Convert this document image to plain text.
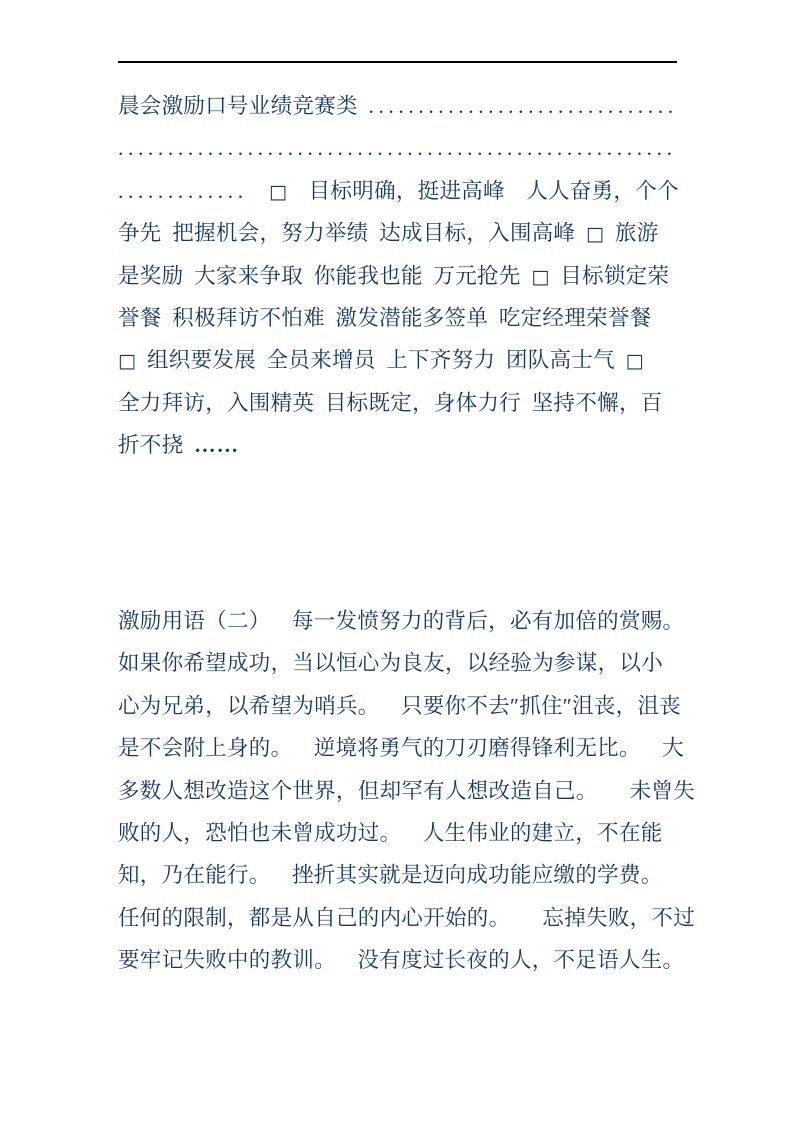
晨会激励口号业绩竞赛类 ...............................
........................................................
............. □  目标明确，挺进高峰  人人奋勇，个个
争先 把握机会，努力举绩 达成目标，入围高峰 □ 旅游
是奖励 大家来争取 你能我也能 万元抢先 □ 目标锁定荣
誉餐 积极拜访不怕难 激发潜能多签单 吃定经理荣誉餐
□ 组织要发展 全员来增员 上下齐努力 团队高士气 □
全力拜访，入围精英 目标既定，身体力行 坚持不懈，百
折不挠 ……
激励用语（二）  每一发愤努力的背后，必有加倍的赏赐。
如果你希望成功，当以恒心为良友，以经验为参谋，以小
心为兄弟，以希望为哨兵。  只要你不去″抓住″沮丧，沮丧
是不会附上身的。  逆境将勇气的刀刃磨得锋利无比。  大
多数人想改造这个世界，但却罕有人想改造自己。   未曾失
败的人，恐怕也未曾成功过。  人生伟业的建立，不在能
知，乃在能行。  挫折其实就是迈向成功能应缴的学费。
任何的限制，都是从自己的内心开始的。   忘掉失败，不过
要牢记失败中的教训。  没有度过长夜的人，不足语人生。
